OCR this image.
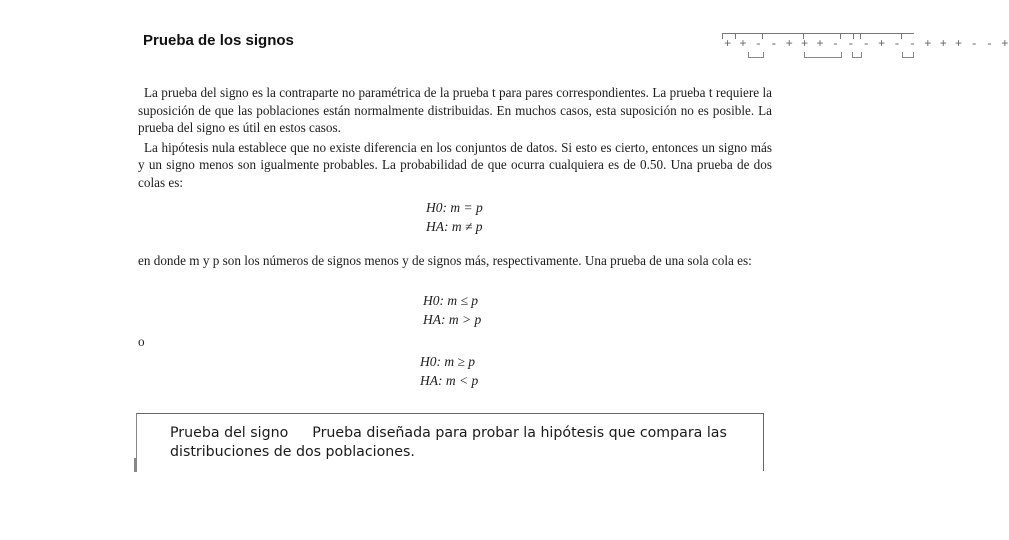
Prueba de los signos	+ + - - + + + - - - + - - + + + - - +

La prueba del signo es la contraparte no paramétrica de la prueba t para pares correspondientes. La prueba t requiere la suposición de que las poblaciones están normalmente distribuidas. En muchos casos, esta suposición no es posible. La prueba del signo es útil en estos casos.

La hipótesis nula establece que no existe diferencia en los conjuntos de datos. Si esto es cierto, entonces un signo más y un signo menos son igualmente probables. La probabilidad de que ocurra cualquiera es de 0.50. Una prueba de dos colas es:

H0: m = p
HA: m ≠ p
en donde m y p son los números de signos menos y de signos más, respectivamente. Una prueba de una sola cola es:
H0: m ≤ p
HA: m > p
o
H0: m ≥ p
HA: m < p
Prueba del signo Prueba diseñada para probar la hipótesis que compara las distribuciones de dos poblaciones.
